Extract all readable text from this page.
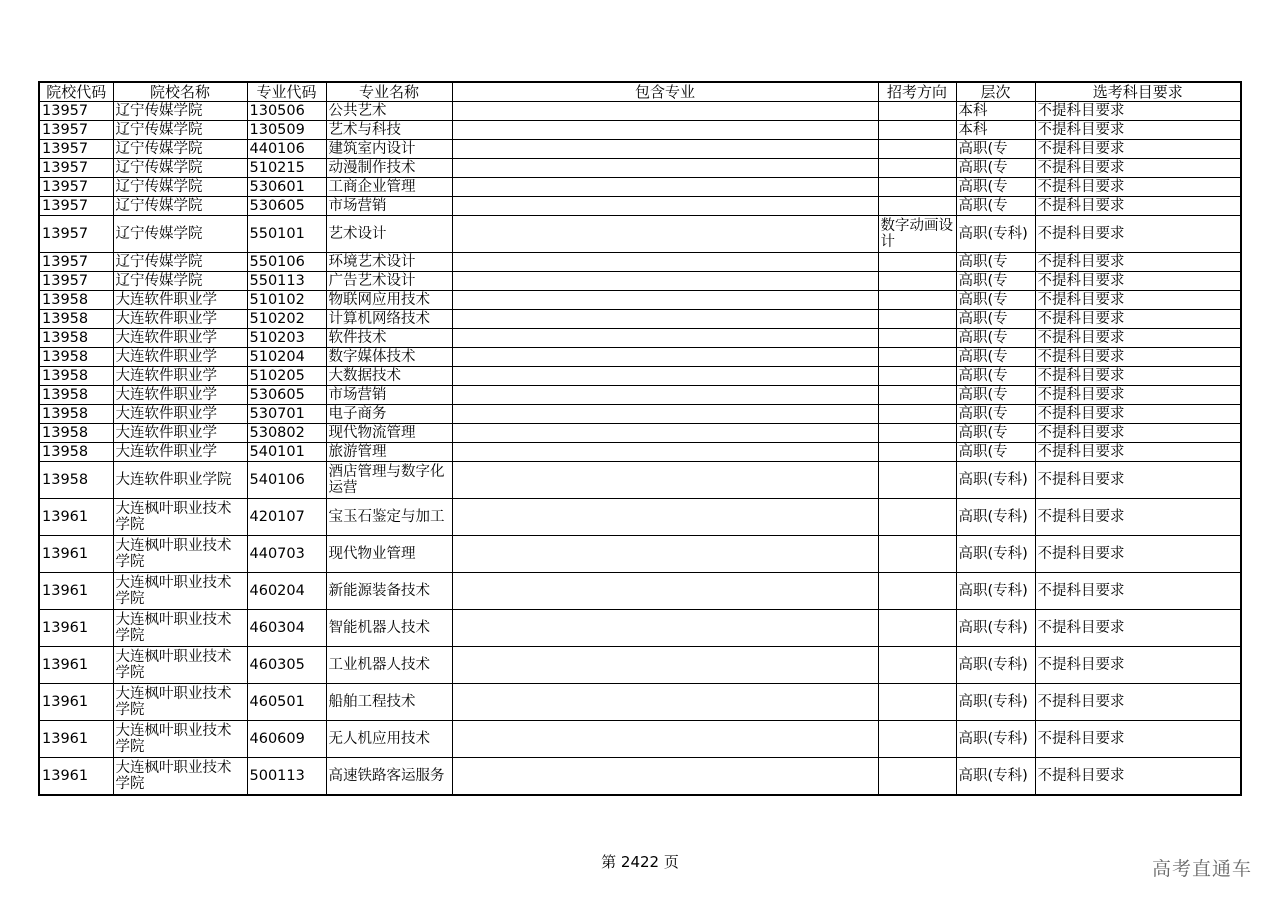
院校代码	院校名称	专业代码	专业名称	包含专业	招考方向	层次	选考科目要求
13957	辽宁传媒学院	130506	公共艺术			本科	不提科目要求
13957	辽宁传媒学院	130509	艺术与科技			本科	不提科目要求
13957	辽宁传媒学院	440106	建筑室内设计			高职(专	不提科目要求
13957	辽宁传媒学院	510215	动漫制作技术			高职(专	不提科目要求
13957	辽宁传媒学院	530601	工商企业管理			高职(专	不提科目要求
13957	辽宁传媒学院	530605	市场营销			高职(专	不提科目要求
13957	辽宁传媒学院	550101	艺术设计		数字动画设计	高职(专科)	不提科目要求
13957	辽宁传媒学院	550106	环境艺术设计			高职(专	不提科目要求
13957	辽宁传媒学院	550113	广告艺术设计			高职(专	不提科目要求
13958	大连软件职业学	510102	物联网应用技术			高职(专	不提科目要求
13958	大连软件职业学	510202	计算机网络技术			高职(专	不提科目要求
13958	大连软件职业学	510203	软件技术			高职(专	不提科目要求
13958	大连软件职业学	510204	数字媒体技术			高职(专	不提科目要求
13958	大连软件职业学	510205	大数据技术			高职(专	不提科目要求
13958	大连软件职业学	530605	市场营销			高职(专	不提科目要求
13958	大连软件职业学	530701	电子商务			高职(专	不提科目要求
13958	大连软件职业学	530802	现代物流管理			高职(专	不提科目要求
13958	大连软件职业学	540101	旅游管理			高职(专	不提科目要求
13958	大连软件职业学院	540106	酒店管理与数字化运营			高职(专科)	不提科目要求
13961	大连枫叶职业技术学院	420107	宝玉石鉴定与加工			高职(专科)	不提科目要求
13961	大连枫叶职业技术学院	440703	现代物业管理			高职(专科)	不提科目要求
13961	大连枫叶职业技术学院	460204	新能源装备技术			高职(专科)	不提科目要求
13961	大连枫叶职业技术学院	460304	智能机器人技术			高职(专科)	不提科目要求
13961	大连枫叶职业技术学院	460305	工业机器人技术			高职(专科)	不提科目要求
13961	大连枫叶职业技术学院	460501	船舶工程技术			高职(专科)	不提科目要求
13961	大连枫叶职业技术学院	460609	无人机应用技术			高职(专科)	不提科目要求
13961	大连枫叶职业技术学院	500113	高速铁路客运服务			高职(专科)	不提科目要求
第 2422 页	高考直通车
